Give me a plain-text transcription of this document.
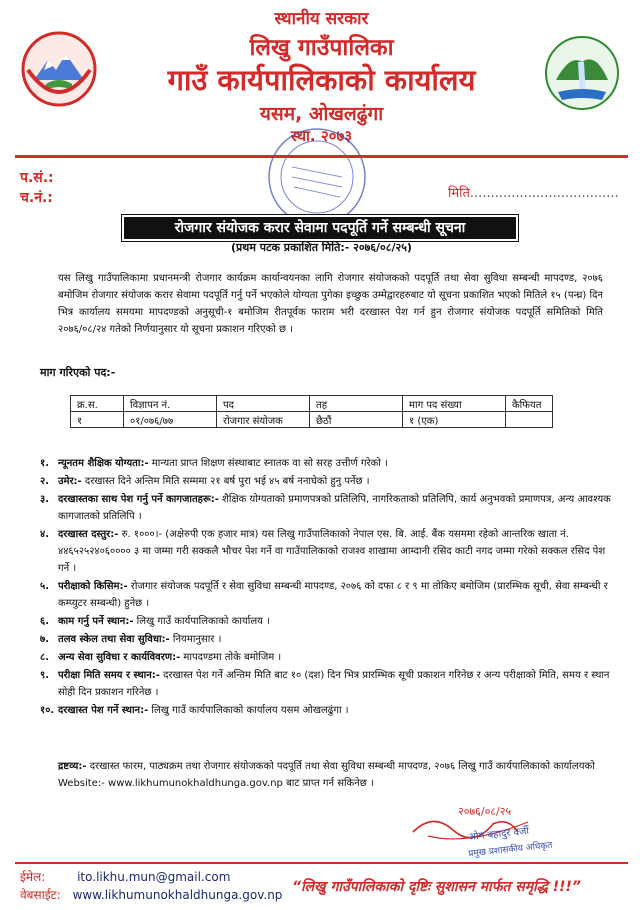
स्थानीय सरकार
लिखु गाउँपालिका
गाउँ कार्यपालिकाको कार्यालय
यसम, ओखलढुंगा
स्था. २०७३
प.सं.:
च.नं.:	मिति....................................
रोजगार संयोजक करार सेवामा पदपूर्ति गर्ने सम्बन्धी सूचना
(प्रथम पटक प्रकाशित मिति:- २०७६/०८/२५)
यस लिखु गाउँपालिकामा प्रधानमन्त्री रोजगार कार्यक्रम कार्यान्वयनका लागि रोजगार संयोजकको पदपूर्ति तथा सेवा सुविधा सम्बन्धी मापदण्ड, २०७६ बमोजिम रोजगार संयोजक करार सेवामा पदपूर्ति गर्नु पर्ने भएकोले योग्यता पुगेका इच्छुक उम्मेद्वारहरुबाट यो सूचना प्रकाशित भएको मितिले १५ (पन्ध्र) दिन भित्र कार्यालय समयमा मापदण्डको अनुसूची-१ बमोजिम रीतपूर्वक फाराम भरी दरखास्त पेश गर्न हुन रोजगार संयोजक पदपूर्ति समितिको मिति २०७६/०८/२४ गतेको निर्णयानुसार यो सूचना प्रकाशन गरिएको छ ।
माग गरिएको पद:-
क्र.स.	विज्ञापन नं.	पद	तह	माग पद संख्या	कैफियत
१	०१/०७६/७७	रोजगार संयोजक	छैठौं	१ (एक)	
१. न्यूनतम शैक्षिक योग्यता:- मान्यता प्राप्त शिक्षण संस्थाबाट स्नातक वा सो सरह उत्तीर्ण गरेको ।
२. उमेर:- दरखास्त दिने अन्तिम मिति सम्ममा २१ बर्ष पुरा भई ४५ बर्ष ननाघेको हुनु पर्नेछ ।
३. दरखास्तका साथ पेश गर्नु पर्ने कागजातहरू:- शैक्षिक योग्यताको प्रमाणपत्रको प्रतिलिपि, नागरिकताको प्रतिलिपि, कार्य अनुभवको प्रमाणपत्र, अन्य आवश्यक कागजातको प्रतिलिपि ।
४. दरखास्त दस्तुर:- रु. १०००।- (अक्षेरुपी एक हजार मात्र) यस लिखु गाउँपालिकाको नेपाल एस. बि. आई. बैंक यसममा रहेको आन्तरिक खाता नं. ४४६५२५२४०६०००० ३ मा जम्मा गरी सक्कलै भौचर पेश गर्ने वा गाउँपालिकाको राजश्व शाखामा आम्दानी रसिद काटी नगद जम्मा गरेको सक्कल रसिद पेश गर्ने ।
५. परीक्षाको किसिम:- रोजगार संयोजक पदपूर्ति र सेवा सुविधा सम्बन्धी मापदण्ड, २०७६ को दफा ८ र ९ मा तोकिए बमोजिम (प्रारम्भिक सूची, सेवा सम्बन्धी र कम्प्युटर सम्बन्धी) हुनेछ ।
६. काम गर्नु पर्ने स्थान:- लिखु गाउँ कार्यपालिकाको कार्यालय ।
७. तलव स्केल तथा सेवा सुविधा:- नियमानुसार ।
८. अन्य सेवा सुविधा र कार्यविवरण:- मापदण्डमा तोके बमोजिम ।
९. परीक्षा मिति समय र स्थान:- दरखास्त पेश गर्ने अन्तिम मिति बाट १० (दश) दिन भित्र प्रारम्भिक सूची प्रकाशन गरिनेछ र अन्य परीक्षाको मिति, समय र स्थान सोही दिन प्रकाशन गरिनेछ ।
१०. दरखास्त पेश गर्ने स्थान:- लिखु गाउँ कार्यपालिकाको कार्यालय यसम ओखलढुंगा ।
द्रष्टव्य:- दरखास्त फारम, पाठ्यक्रम तथा रोजगार संयोजकको पदपूर्ति तथा सेवा सुविधा सम्बन्धी मापदण्ड, २०७६ लिखु गाउँ कार्यपालिकाको कार्यालयको Website:- www.likhumunokhaldhunga.gov.np बाट प्राप्त गर्न सकिनेछ ।
२०७६/०८/२५
ओम बहादुर दर्जी
प्रमुख प्रशासकीय अधिकृत
ईमेल:	ito.likhu.mun@gmail.com
वेबसाईट: www.likhumunokhaldhunga.gov.np “लिखु गाउँपालिकाको दृष्टिः सुशासन मार्फत समृद्धि !!!”
